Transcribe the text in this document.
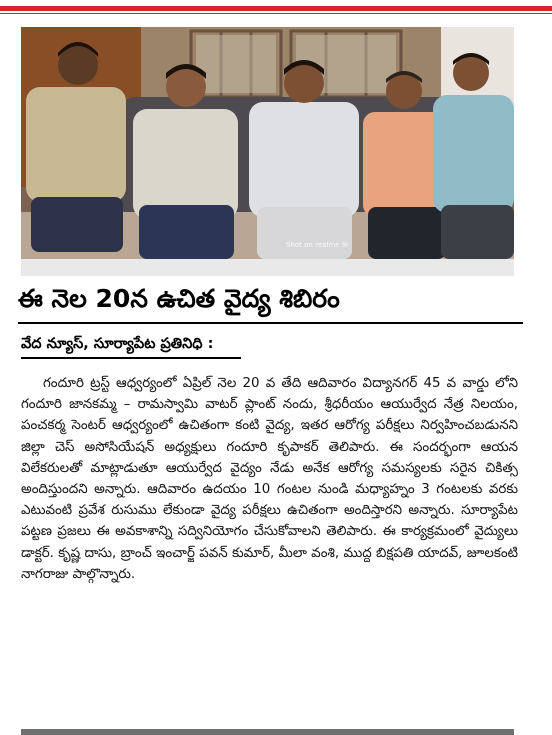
Shot on realme 9i
ఈ నెల 20న ఉచిత వైద్య శిబిరం
వేద న్యూస్, సూర్యాపేట ప్రతినిధి :

గందూరి ట్రస్ట్ ఆధ్వర్యంలో ఏప్రిల్ నెల 20 వ తేది ఆదివారం విద్యానగర్ 45 వ వార్డు లోని గందూరి జానకమ్మ – రామస్వామి వాటర్ ప్లాంట్ నందు, శ్రీధరీయం ఆయుర్వేద నేత్ర నిలయం, పంచకర్మ సెంటర్ ఆధ్వర్యంలో ఉచితంగా కంటి వైద్య, ఇతర ఆరోగ్య పరీక్షలు నిర్వహించబడునని జిల్లా చెస్ అసోసియేషన్ అధ్యక్షులు గందూరి కృపాకర్ తెలిపారు. ఈ సందర్భంగా ఆయన విలేకరులతో మాట్లాడుతూ ఆయుర్వేద వైద్యం నేడు అనేక ఆరోగ్య సమస్యలకు సరైన చికిత్స అందిస్తుందని అన్నారు. ఆదివారం ఉదయం 10 గంటల నుండి మధ్యాహ్నం 3 గంటలకు వరకు ఎటువంటి ప్రవేశ రుసుము లేకుండా వైద్య పరీక్షలు ఉచితంగా అందిస్తారని అన్నారు. సూర్యాపేట పట్టణ ప్రజలు ఈ అవకాశాన్ని సద్వినియోగం చేసుకోవాలని తెలిపారు. ఈ కార్యక్రమంలో వైద్యులు డాక్టర్. కృష్ణ దాసు, బ్రాంచ్ ఇంచార్జ్ పవన్ కుమార్, మీలా వంశి, ముద్ద బిక్షపతి యాదవ్, జూలకంటి నాగరాజు పాల్గొన్నారు.
